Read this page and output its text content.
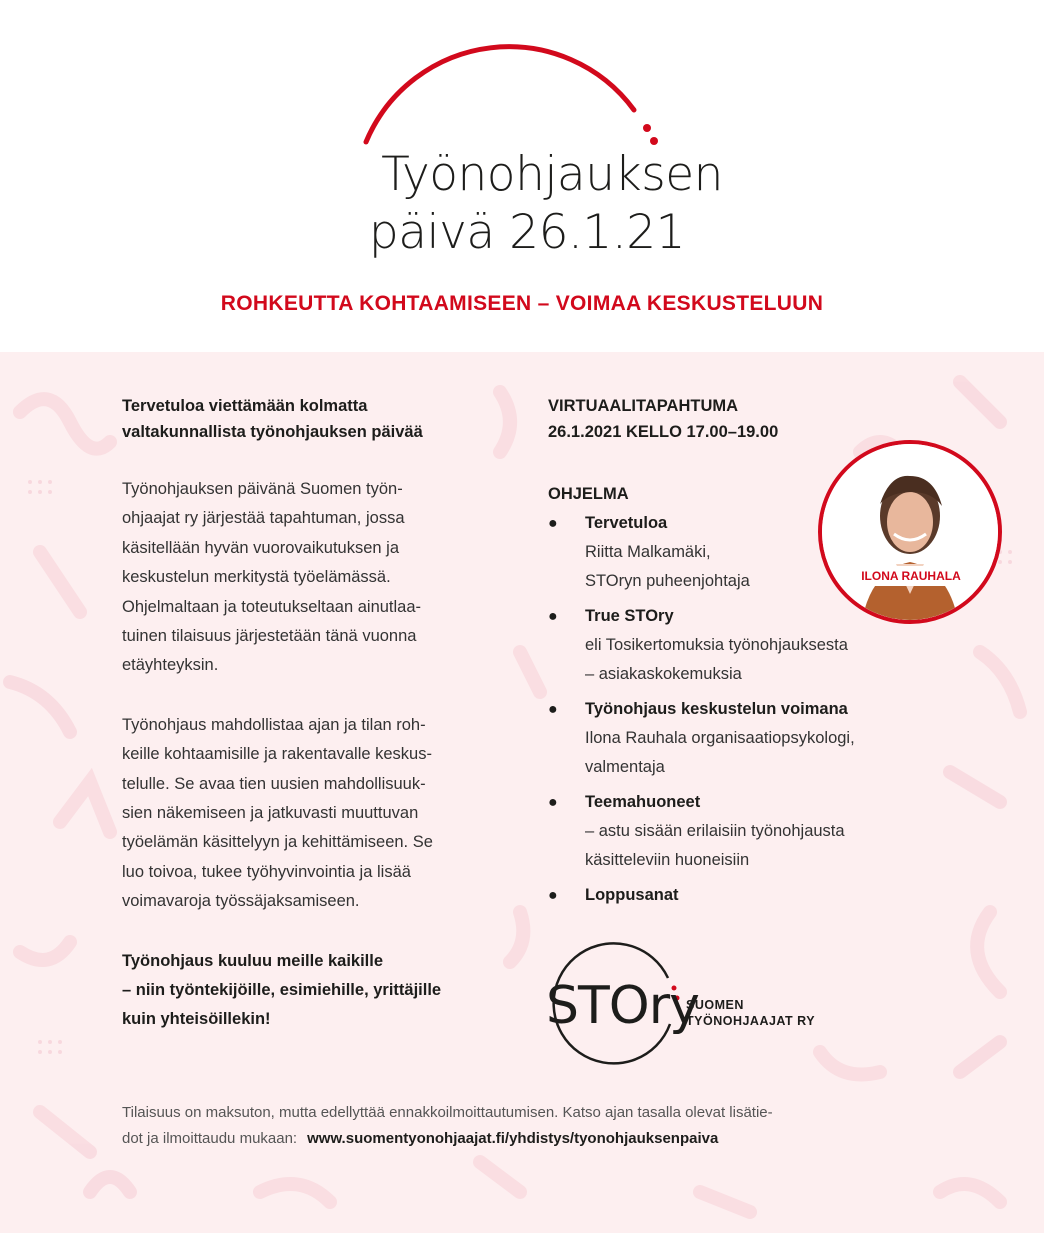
Työnohjauksen
päivä 26.1.21
ROHKEUTTA KOHTAAMISEEN – VOIMAA KESKUSTELUUN
Tervetuloa viettämään kolmatta
valtakunnallista työnohjauksen päivää

Työnohjauksen päivänä Suomen työn-
ohjaajat ry järjestää tapahtuman, jossa
käsitellään hyvän vuorovaikutuksen ja
keskustelun merkitystä työelämässä.
Ohjelmaltaan ja toteutukseltaan ainutlaa-
tuinen tilaisuus järjestetään tänä vuonna
etäyhteyksin.

Työnohjaus mahdollistaa ajan ja tilan roh-
keille kohtaamisille ja rakentavalle keskus-
telulle. Se avaa tien uusien mahdollisuuk-
sien näkemiseen ja jatkuvasti muuttuvan
työelämän käsittelyyn ja kehittämiseen. Se
luo toivoa, tukee työhyvinvointia ja lisää
voimavaroja työssäjaksamiseen.

Työnohjaus kuuluu meille kaikille
– niin työntekijöille, esimiehille, yrittäjille
kuin yhteisöillekin!
VIRTUAALITAPAHTUMA
26.1.2021 KELLO 17.00–19.00
OHJELMA
● Tervetuloa
Riitta Malkamäki,
STOryn puheenjohtaja
● True STOry
eli Tosikertomuksia työnohjauksesta
– asiakaskokemuksia
● Työnohjaus keskustelun voimana
Ilona Rauhala organisaatiopsykologi,
valmentaja
● Teemahuoneet
– astu sisään erilaisiin työnohjausta
käsitteleviin huoneisiin
● Loppusanat
ILONA RAUHALA
STOry
SUOMEN
TYÖNOHJAAJAT RY
Tilaisuus on maksuton, mutta edellyttää ennakkoilmoittautumisen. Katso ajan tasalla olevat lisätie-
dot ja ilmoittaudu mukaan: www.suomentyonohjaajat.fi/yhdistys/tyonohjauksenpaiva
